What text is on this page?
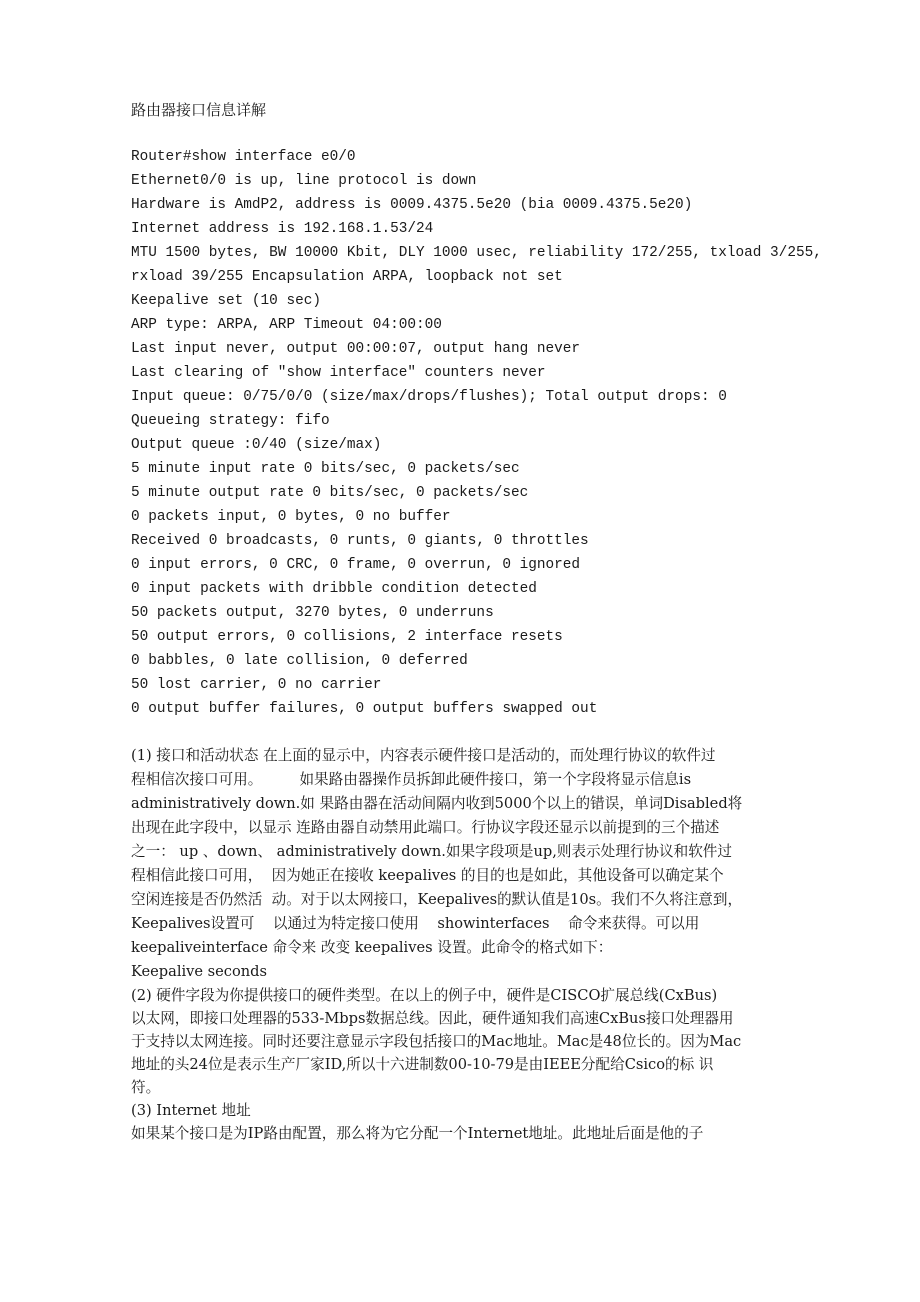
路由器接口信息详解
Router#show interface e0/0
Ethernet0/0 is up, line protocol is down
Hardware is AmdP2, address is 0009.4375.5e20 (bia 0009.4375.5e20)
Internet address is 192.168.1.53/24
MTU 1500 bytes, BW 10000 Kbit, DLY 1000 usec, reliability 172/255, txload 3/255,
rxload 39/255 Encapsulation ARPA, loopback not set
Keepalive set (10 sec)
ARP type: ARPA, ARP Timeout 04:00:00
Last input never, output 00:00:07, output hang never
Last clearing of "show interface" counters never
Input queue: 0/75/0/0 (size/max/drops/flushes); Total output drops: 0
Queueing strategy: fifo
Output queue :0/40 (size/max)
5 minute input rate 0 bits/sec, 0 packets/sec
5 minute output rate 0 bits/sec, 0 packets/sec
0 packets input, 0 bytes, 0 no buffer
Received 0 broadcasts, 0 runts, 0 giants, 0 throttles
0 input errors, 0 CRC, 0 frame, 0 overrun, 0 ignored
0 input packets with dribble condition detected
50 packets output, 3270 bytes, 0 underruns
50 output errors, 0 collisions, 2 interface resets
0 babbles, 0 late collision, 0 deferred
50 lost carrier, 0 no carrier
0 output buffer failures, 0 output buffers swapped out
(1) 接口和活动状态 在上面的显示中，内容表示硬件接口是活动的，而处理行协议的软件过
程相信次接口可用。        如果路由器操作员拆卸此硬件接口，第一个字段将显示信息is
administratively down.如 果路由器在活动间隔内收到5000个以上的错误，单词Disabled将
出现在此字段中，以显示 连路由器自动禁用此端口。行协议字段还显示以前提到的三个描述
之一： up 、down、 administratively down.如果字段项是up,则表示处理行协议和软件过
程相信此接口可用，  因为她正在接收 keepalives 的目的也是如此，其他设备可以确定某个
空闲连接是否仍然活  动。对于以太网接口，Keepalives的默认值是10s。我们不久将注意到，
Keepalives设置可    以通过为特定接口使用    showinterfaces    命令来获得。可以用
keepaliveinterface 命令来 改变 keepalives 设置。此命令的格式如下：
Keepalive seconds
(2) 硬件字段为你提供接口的硬件类型。在以上的例子中，硬件是CISCO扩展总线(CxBus)
以太网，即接口处理器的533-Mbps数据总线。因此，硬件通知我们高速CxBus接口处理器用
于支持以太网连接。同时还要注意显示字段包括接口的Mac地址。Mac是48位长的。因为Mac
地址的头24位是表示生产厂家ID,所以十六进制数00-10-79是由IEEE分配给Csico的标 识
符。
(3) Internet 地址
如果某个接口是为IP路由配置，那么将为它分配一个Internet地址。此地址后面是他的子
